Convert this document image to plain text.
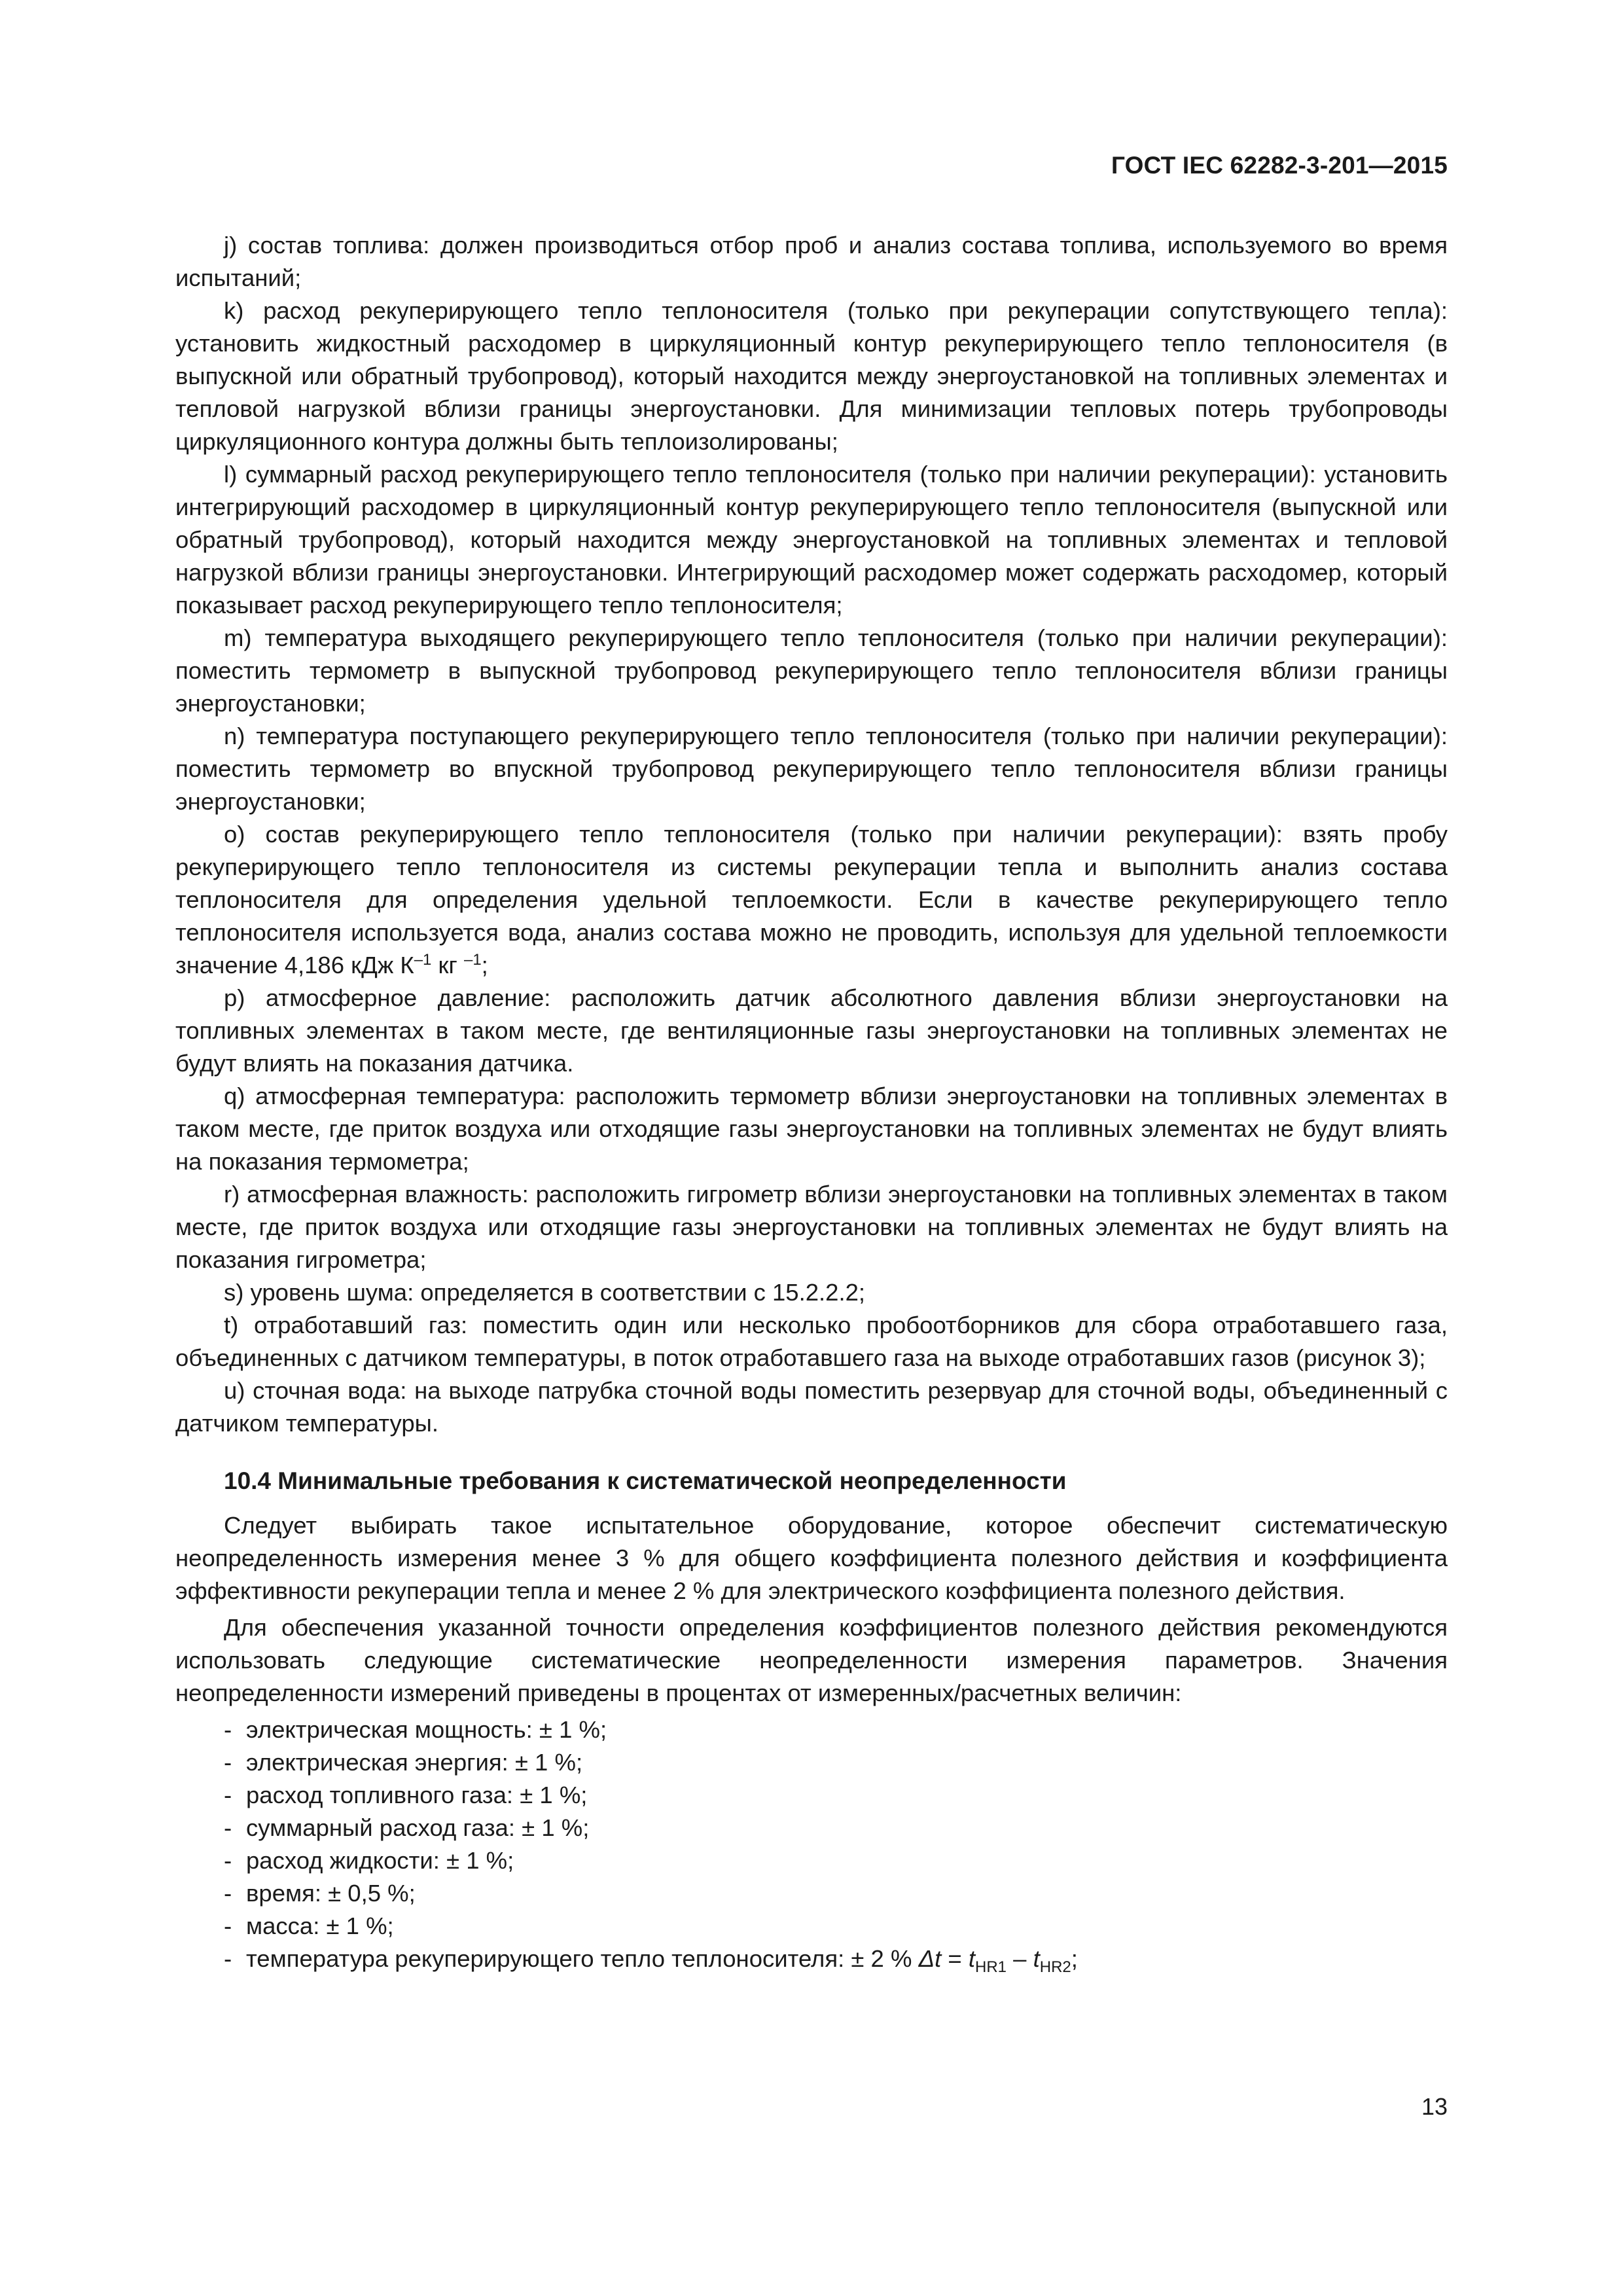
ГОСТ IEC 62282-3-201—2015

j) состав топлива: должен производиться отбор проб и анализ состава топлива, используемого во время испытаний;

k) расход рекуперирующего тепло теплоносителя (только при рекуперации сопутствующего тепла): установить жидкостный расходомер в циркуляционный контур рекуперирующего тепло теплоносителя (в выпускной или обратный трубопровод), который находится между энергоустановкой на топливных элементах и тепловой нагрузкой вблизи границы энергоустановки. Для минимизации тепловых потерь трубопроводы циркуляционного контура должны быть теплоизолированы;

l) суммарный расход рекуперирующего тепло теплоносителя (только при наличии рекуперации): установить интегрирующий расходомер в циркуляционный контур рекуперирующего тепло теплоносителя (выпускной или обратный трубопровод), который находится между энергоустановкой на топливных элементах и тепловой нагрузкой вблизи границы энергоустановки. Интегрирующий расходомер может содержать расходомер, который показывает расход рекуперирующего тепло теплоносителя;

m) температура выходящего рекуперирующего тепло теплоносителя (только при наличии рекуперации): поместить термометр в выпускной трубопровод рекуперирующего тепло теплоносителя вблизи границы энергоустановки;

n) температура поступающего рекуперирующего тепло теплоносителя (только при наличии рекуперации): поместить термометр во впускной трубопровод рекуперирующего тепло теплоносителя вблизи границы энергоустановки;

о) состав рекуперирующего тепло теплоносителя (только при наличии рекуперации): взять пробу рекуперирующего тепло теплоносителя из системы рекуперации тепла и выполнить анализ состава теплоносителя для определения удельной теплоемкости. Если в качестве рекуперирующего тепло теплоносителя используется вода, анализ состава можно не проводить, используя для удельной теплоемкости значение 4,186 кДж $К^{-1}$ кг $^{-1}$;

р) атмосферное давление: расположить датчик абсолютного давления вблизи энергоустановки на топливных элементах в таком месте, где вентиляционные газы энергоустановки на топливных элементах не будут влиять на показания датчика.

q) атмосферная температура: расположить термометр вблизи энергоустановки на топливных элементах в таком месте, где приток воздуха или отходящие газы энергоустановки на топливных элементах не будут влиять на показания термометра;

r) атмосферная влажность: расположить гигрометр вблизи энергоустановки на топливных элементах в таком месте, где приток воздуха или отходящие газы энергоустановки на топливных элементах не будут влиять на показания гигрометра;

s) уровень шума: определяется в соответствии с 15.2.2.2;

t) отработавший газ: поместить один или несколько пробоотборников для сбора отработавшего газа, объединенных с датчиком температуры, в поток отработавшего газа на выходе отработавших газов (рисунок 3);

u) сточная вода: на выходе патрубка сточной воды поместить резервуар для сточной воды, объединенный с датчиком температуры.

10.4 Минимальные требования к систематической неопределенности

Следует выбирать такое испытательное оборудование, которое обеспечит систематическую неопределенность измерения менее 3 % для общего коэффициента полезного действия и коэффициента эффективности рекуперации тепла и менее 2 % для электрического коэффициента полезного действия.

Для обеспечения указанной точности определения коэффициентов полезного действия рекомендуются использовать следующие систематические неопределенности измерения параметров. Значения неопределенности измерений приведены в процентах от измеренных/расчетных величин:

- электрическая мощность: ± 1 %;
- электрическая энергия: ± 1 %;
- расход топливного газа: ± 1 %;
- суммарный расход газа: ± 1 %;
- расход жидкости: ± 1 %;
- время: ± 0,5 %;
- масса: ± 1 %;
- температура рекуперирующего тепло теплоносителя: ± 2 % $\Delta t = t_{HR1} - t_{HR2}$;
13
